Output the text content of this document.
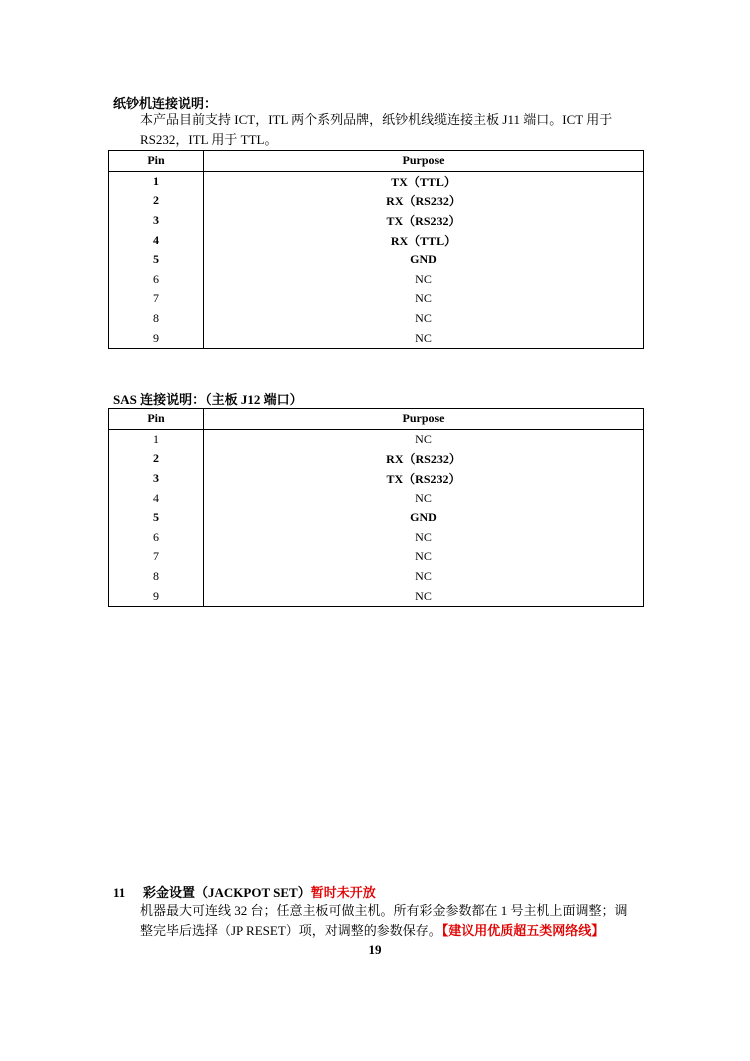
纸钞机连接说明：
本产品目前支持 ICT，ITL 两个系列品牌，纸钞机线缆连接主板 J11 端口。ICT 用于
RS232，ITL 用于 TTL。
Pin	Purpose
1	TX（TTL）
2	RX（RS232）
3	TX（RS232）
4	RX（TTL）
5	GND
6	NC
7	NC
8	NC
9	NC
SAS 连接说明：（主板 J12 端口）
Pin	Purpose
1	NC
2	RX（RS232）
3	TX（RS232）
4	NC
5	GND
6	NC
7	NC
8	NC
9	NC
11 彩金设置（JACKPOT SET）暂时未开放
机器最大可连线 32 台；任意主板可做主机。所有彩金参数都在 1 号主机上面调整；调
整完毕后选择（JP RESET）项，对调整的参数保存。【建议用优质超五类网络线】
19
